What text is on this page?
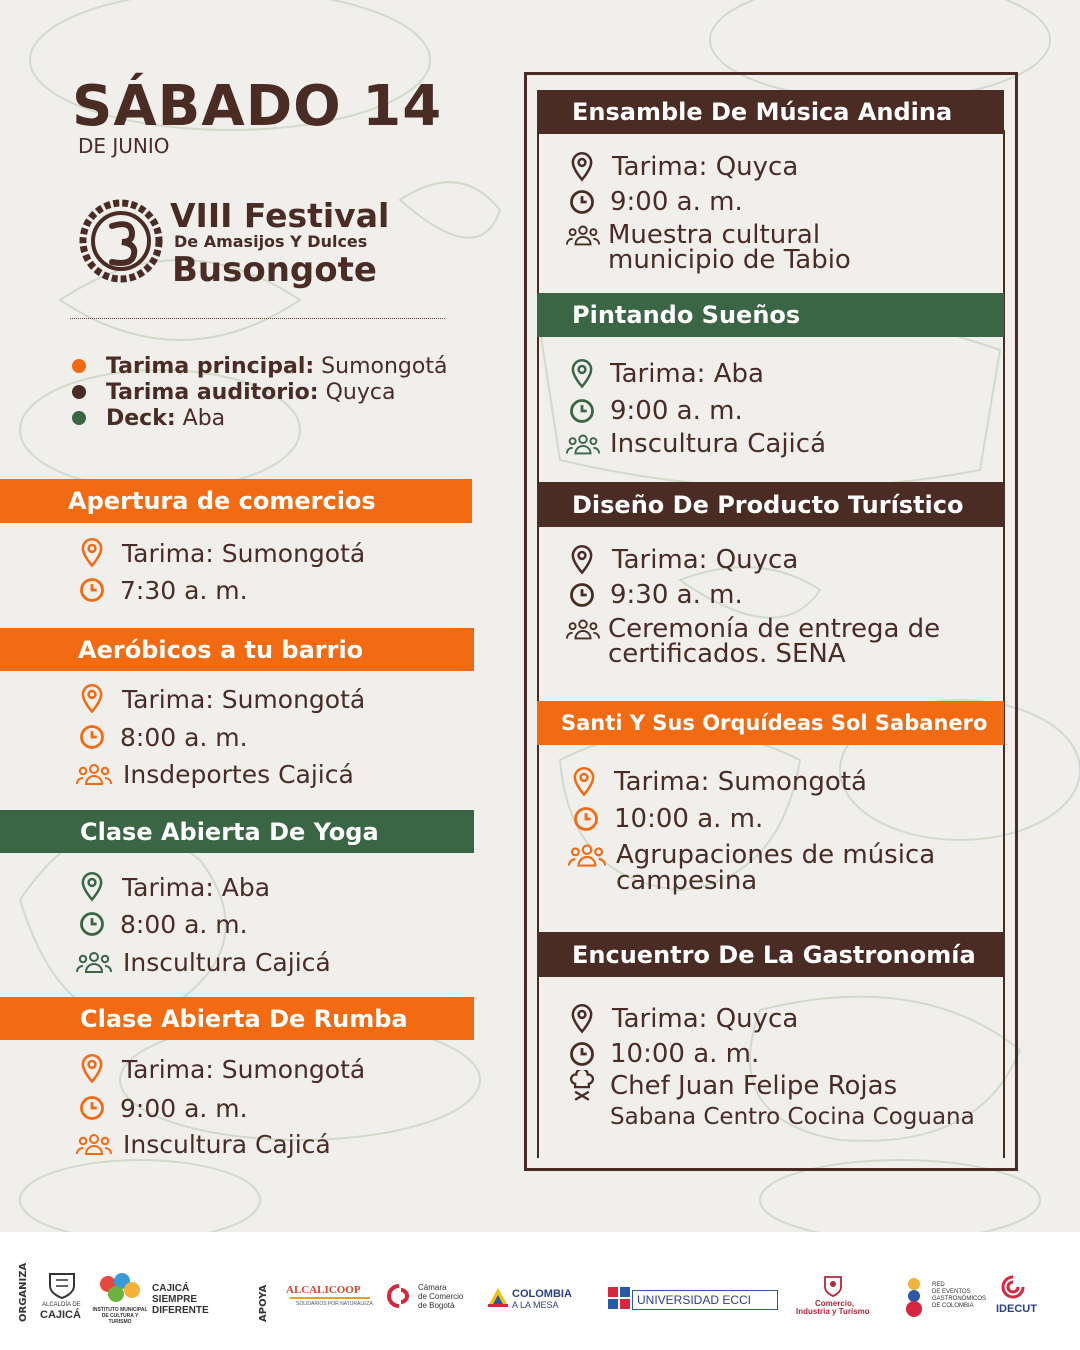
SÁBADO 14
DE JUNIO
VIII Festival
De Amasijos Y Dulces
Busongote
Tarima principal:
Sumongotá
Tarima auditorio:
Quyca
Deck:
Aba
Apertura de comercios
Tarima: Sumongotá
7:30 a. m.
Aeróbicos a tu barrio
Tarima: Sumongotá
8:00 a. m.
Insdeportes Cajicá
Clase Abierta De Yoga
Tarima: Aba
8:00 a. m.
Inscultura Cajicá
Clase Abierta De Rumba
Tarima: Sumongotá
9:00 a. m.
Inscultura Cajicá
Ensamble De Música Andina
Tarima: Quyca
9:00 a. m.
Muestra cultural
municipio de Tabio
Pintando Sueños
Tarima: Aba
9:00 a. m.
Inscultura Cajicá
Diseño De Producto Turístico
Tarima: Quyca
9:30 a. m.
Ceremonía de entrega de
certificados. SENA
Santi Y Sus Orquídeas Sol Sabanero
Tarima: Sumongotá
10:00 a. m.
Agrupaciones de música
campesina
Encuentro De La Gastronomía
Tarima: Quyca
10:00 a. m.
Chef Juan Felipe Rojas
Sabana Centro Cocina Coguana
ORGANIZA ALCALDÍA DE
CAJICÁ	INSTITUTO MUNICIPAL DE CULTURA Y TURISMO
CAJICÁ
SIEMPRE
DIFERENTE	APOYA ALCALICOOP
SOLIDARIOS POR NATURALEZA
Cámara
de Comercio
de Bogotá
COLOMBIA
A LA MESA	UNIVERSIDAD ECCI	Comercio,
Industria y Turismo
RED
DE EVENTOS
GASTRONÓMICOS
DE COLOMBIA IDECUT
